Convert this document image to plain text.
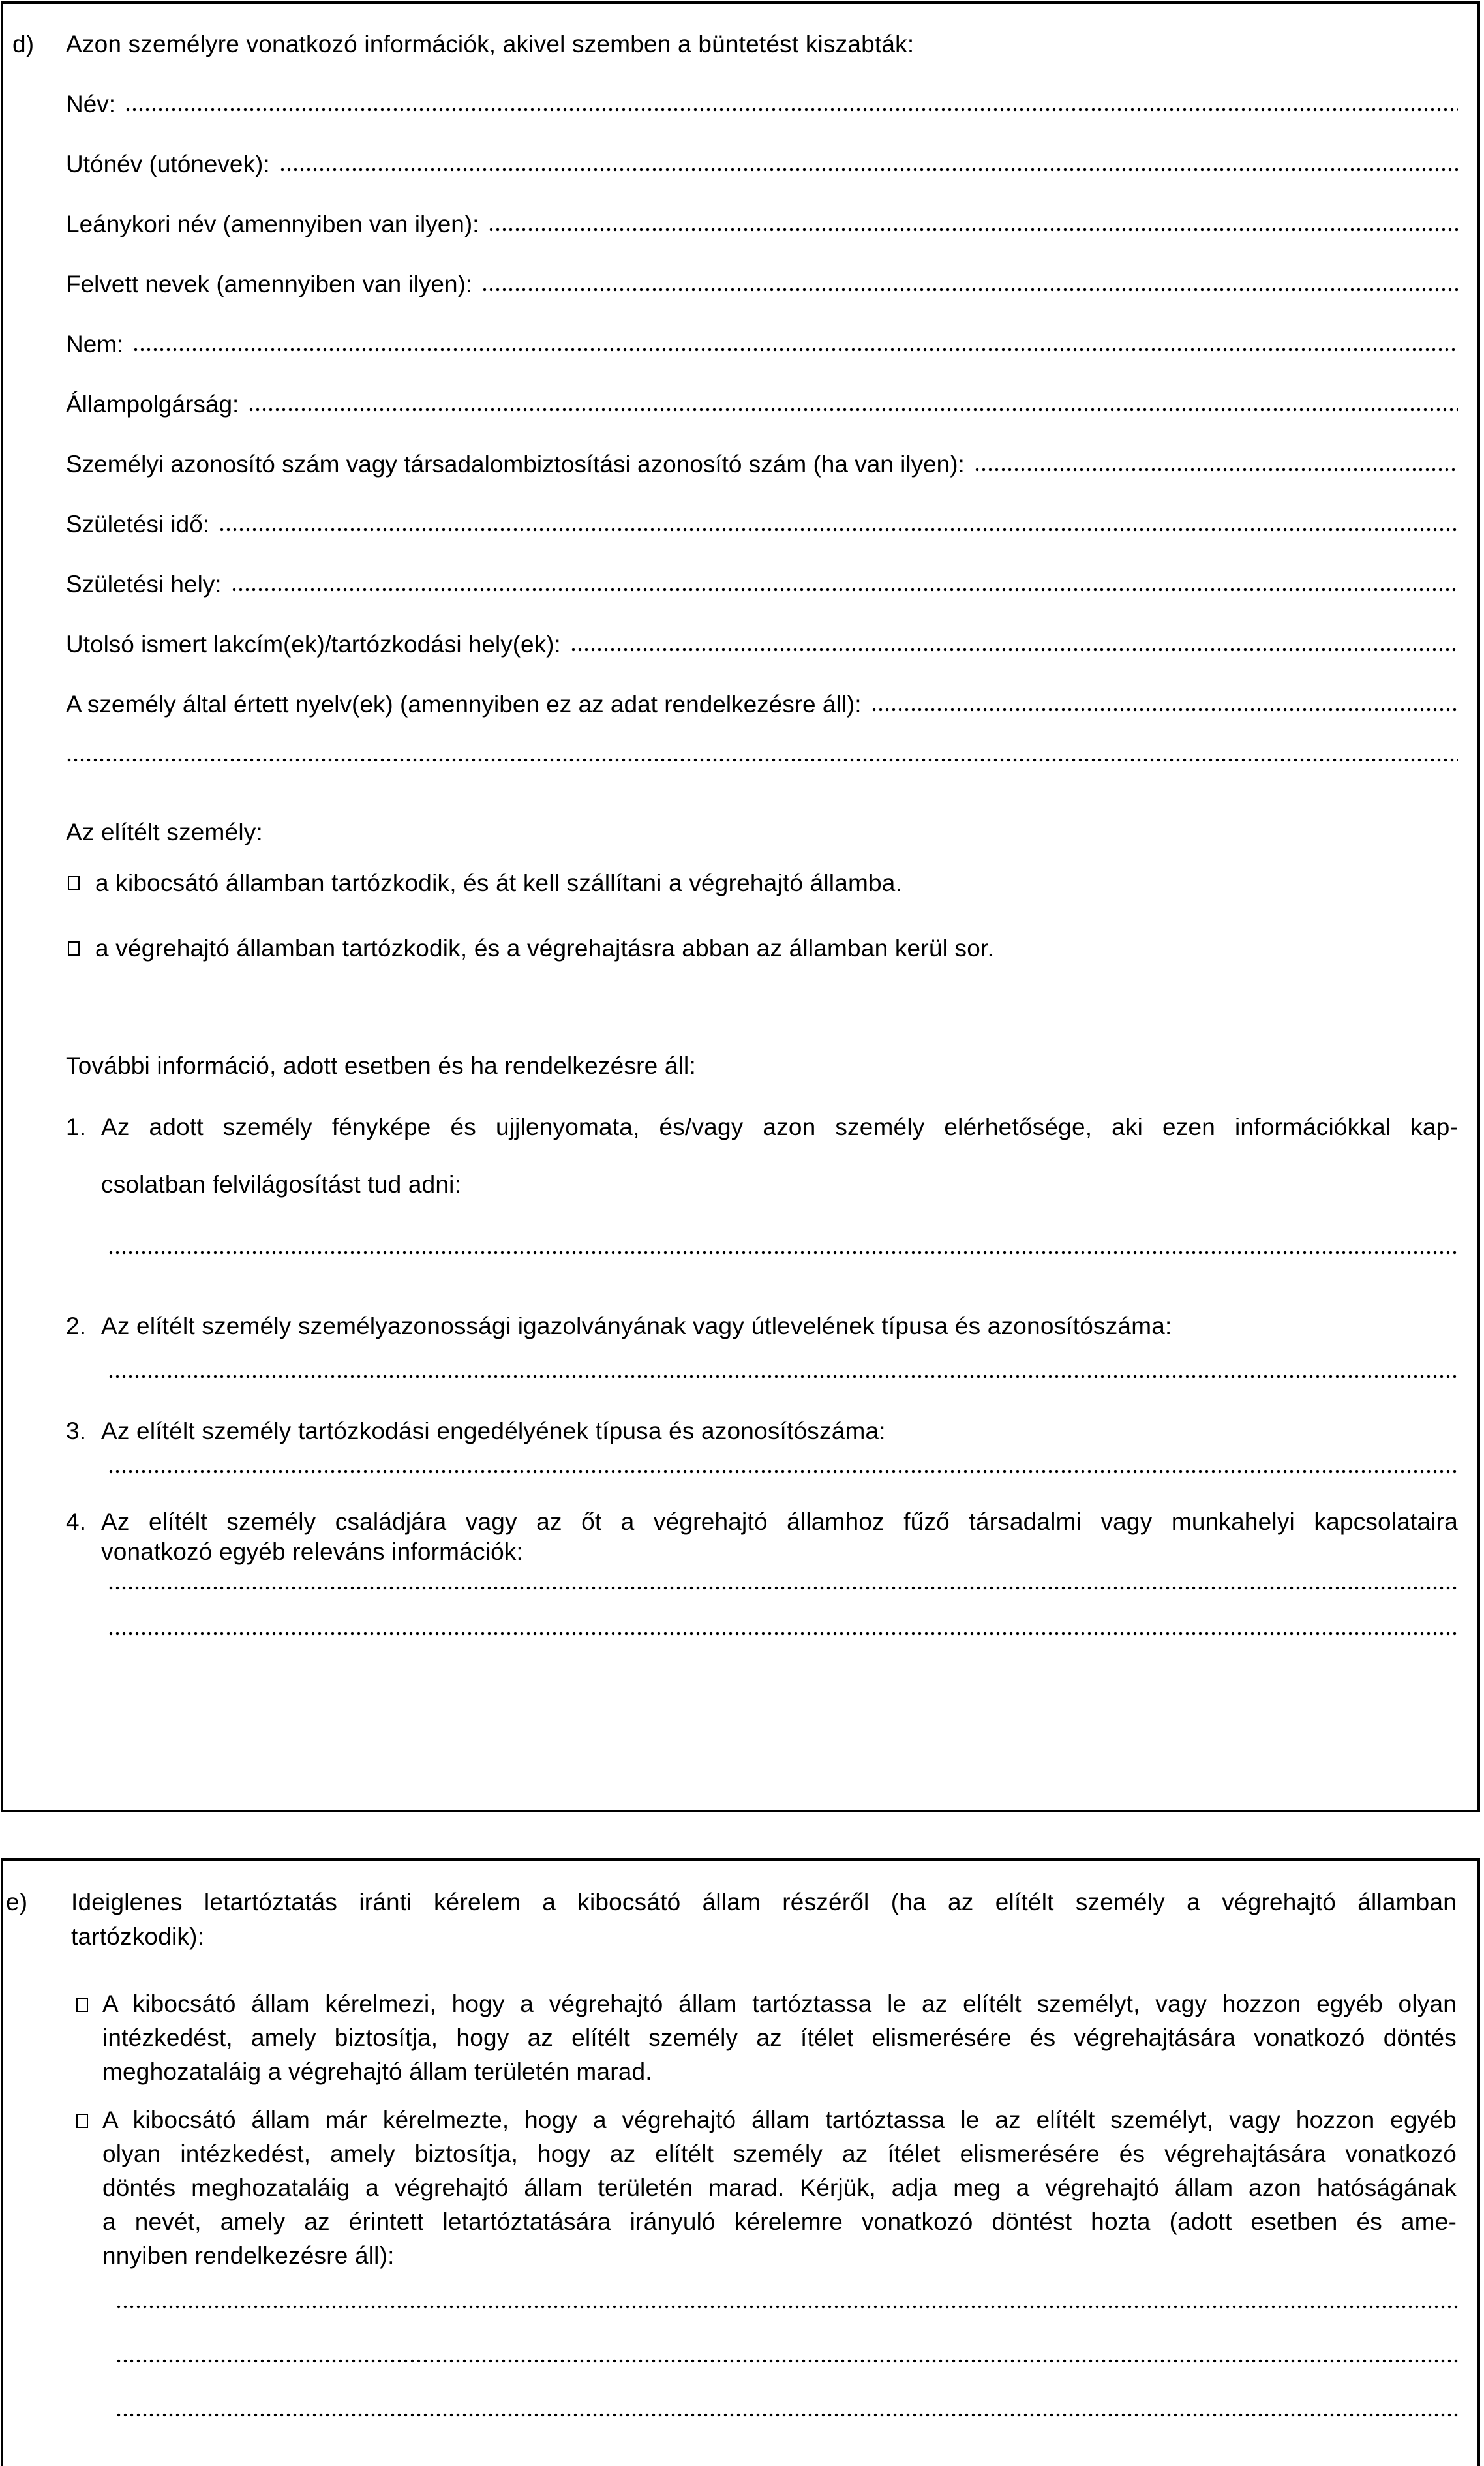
d) Azon személyre vonatkozó információk, akivel szemben a büntetést kiszabták:
Név:
Utónév (utónevek):
Leánykori név (amennyiben van ilyen):
Felvett nevek (amennyiben van ilyen):
Nem:
Állampolgárság:
Személyi azonosító szám vagy társadalombiztosítási azonosító szám (ha van ilyen):
Születési idő:
Születési hely:
Utolsó ismert lakcím(ek)/tartózkodási hely(ek):
A személy által értett nyelv(ek) (amennyiben ez az adat rendelkezésre áll):
Az elítélt személy:
a kibocsátó államban tartózkodik, és át kell szállítani a végrehajtó államba.
a végrehajtó államban tartózkodik, és a végrehajtásra abban az államban kerül sor.
További információ, adott esetben és ha rendelkezésre áll:
1. Az adott személy fényképe és ujjlenyomata, és/vagy azon személy elérhetősége, aki ezen információkkal kap-
csolatban felvilágosítást tud adni:
2. Az elítélt személy személyazonossági igazolványának vagy útlevelének típusa és azonosítószáma:
3. Az elítélt személy tartózkodási engedélyének típusa és azonosítószáma:
4. Az elítélt személy családjára vagy az őt a végrehajtó államhoz fűző társadalmi vagy munkahelyi kapcsolataira
vonatkozó egyéb releváns információk:
e) Ideiglenes letartóztatás iránti kérelem a kibocsátó állam részéről (ha az elítélt személy a végrehajtó államban
tartózkodik):
A kibocsátó állam kérelmezi, hogy a végrehajtó állam tartóztassa le az elítélt személyt, vagy hozzon egyéb olyan
intézkedést, amely biztosítja, hogy az elítélt személy az ítélet elismerésére és végrehajtására vonatkozó döntés
meghozataláig a végrehajtó állam területén marad.
A kibocsátó állam már kérelmezte, hogy a végrehajtó állam tartóztassa le az elítélt személyt, vagy hozzon egyéb
olyan intézkedést, amely biztosítja, hogy az elítélt személy az ítélet elismerésére és végrehajtására vonatkozó
döntés meghozataláig a végrehajtó állam területén marad. Kérjük, adja meg a végrehajtó állam azon hatóságának
a nevét, amely az érintett letartóztatására irányuló kérelemre vonatkozó döntést hozta (adott esetben és ame-
nnyiben rendelkezésre áll):
